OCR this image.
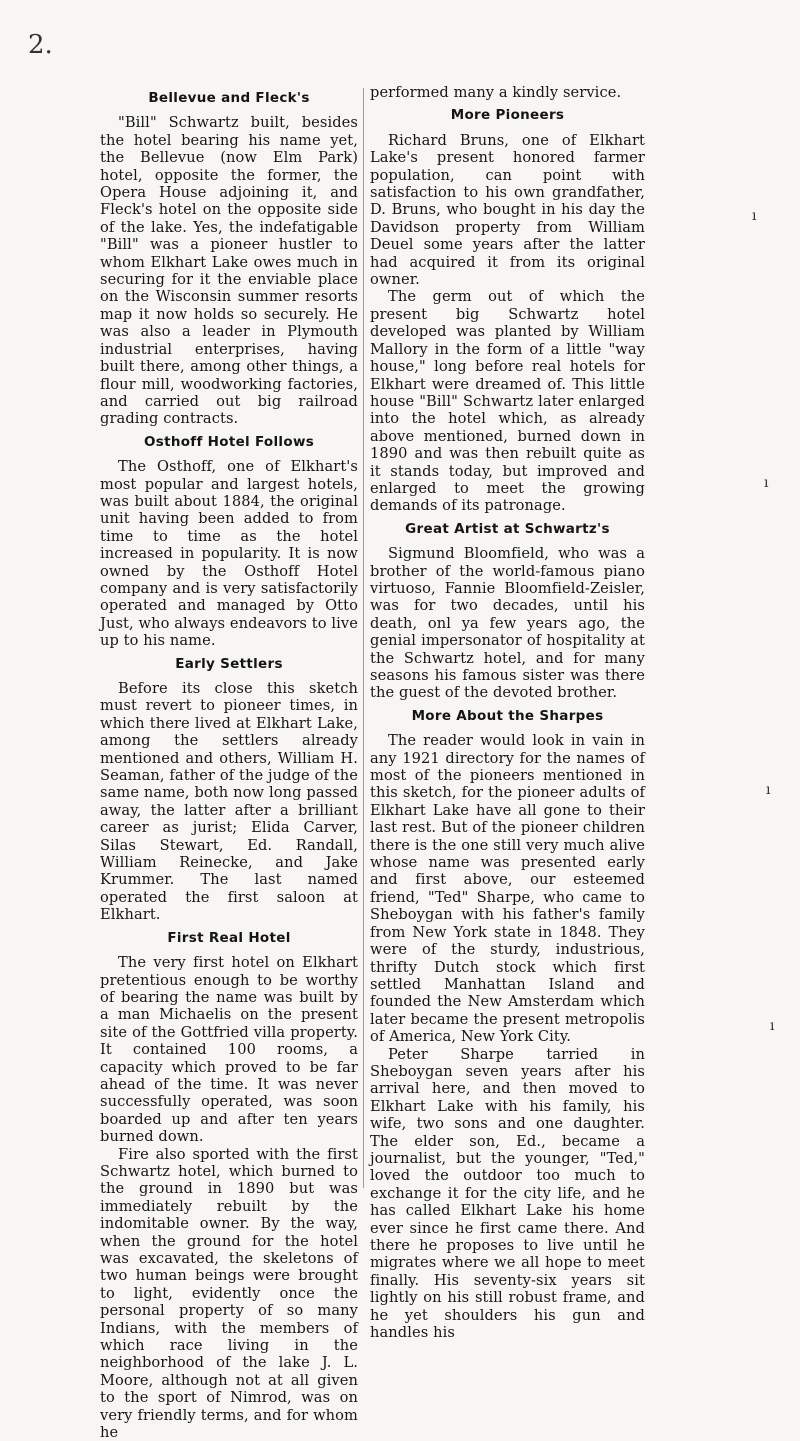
2.
Bellevue and Fleck's

"Bill" Schwartz built, besides the hotel bearing his name yet, the Bellevue (now Elm Park) hotel, opposite the former, the Opera House adjoining it, and Fleck's hotel on the opposite side of the lake. Yes, the indefatigable "Bill" was a pioneer hustler to whom Elkhart Lake owes much in securing for it the enviable place on the Wisconsin summer resorts map it now holds so securely. He was also a leader in Plymouth industrial enterprises, having built there, among other things, a flour mill, woodworking factories, and carried out big railroad grading contracts.

Osthoff Hotel Follows

The Osthoff, one of Elkhart's most popular and largest hotels, was built about 1884, the original unit having been added to from time to time as the hotel increased in popularity. It is now owned by the Osthoff Hotel company and is very satisfactorily operated and managed by Otto Just, who always endeavors to live up to his name.

Early Settlers

Before its close this sketch must revert to pioneer times, in which there lived at Elkhart Lake, among the settlers already mentioned and others, William H. Seaman, father of the judge of the same name, both now long passed away, the latter after a brilliant career as jurist; Elida Carver, Silas Stewart, Ed. Randall, William Reinecke, and Jake Krummer. The last named operated the first saloon at Elkhart.

First Real Hotel

The very first hotel on Elkhart pretentious enough to be worthy of bearing the name was built by a man Michaelis on the present site of the Gottfried villa property. It contained 100 rooms, a capacity which proved to be far ahead of the time. It was never successfully operated, was soon boarded up and after ten years burned down.

Fire also sported with the first Schwartz hotel, which burned to the ground in 1890 but was immediately rebuilt by the indomitable owner. By the way, when the ground for the hotel was excavated, the skeletons of two human beings were brought to light, evidently once the personal property of so many Indians, with the members of which race living in the neighborhood of the lake J. L. Moore, although not at all given to the sport of Nimrod, was on very friendly terms, and for whom he

performed many a kindly service.

More Pioneers

Richard Bruns, one of Elkhart Lake's present honored farmer population, can point with satisfaction to his own grandfather, D. Bruns, who bought in his day the Davidson property from William Deuel some years after the latter had acquired it from its original owner.

The germ out of which the present big Schwartz hotel developed was planted by William Mallory in the form of a little "way house," long before real hotels for Elkhart were dreamed of. This little house "Bill" Schwartz later enlarged into the hotel which, as already above mentioned, burned down in 1890 and was then rebuilt quite as it stands today, but improved and enlarged to meet the growing demands of its patronage.

Great Artist at Schwartz's

Sigmund Bloomfield, who was a brother of the world-famous piano virtuoso, Fannie Bloomfield-Zeisler, was for two decades, until his death, onl ya few years ago, the genial impersonator of hospitality at the Schwartz hotel, and for many seasons his famous sister was there the guest of the devoted brother.

More About the Sharpes

The reader would look in vain in any 1921 directory for the names of most of the pioneers mentioned in this sketch, for the pioneer adults of Elkhart Lake have all gone to their last rest. But of the pioneer children there is the one still very much alive whose name was presented early and first above, our esteemed friend, "Ted" Sharpe, who came to Sheboygan with his father's family from New York state in 1848. They were of the sturdy, industrious, thrifty Dutch stock which first settled Manhattan Island and founded the New Amsterdam which later became the present metropolis of America, New York City.

Peter Sharpe tarried in Sheboygan seven years after his arrival here, and then moved to Elkhart Lake with his family, his wife, two sons and one daughter. The elder son, Ed., became a journalist, but the younger, "Ted," loved the outdoor too much to exchange it for the city life, and he has called Elkhart Lake his home ever since he first came there. And there he proposes to live until he migrates where we all hope to meet finally. His seventy-six years sit lightly on his still robust frame, and he yet shoulders his gun and handles his

ı
ı
ı
ı
